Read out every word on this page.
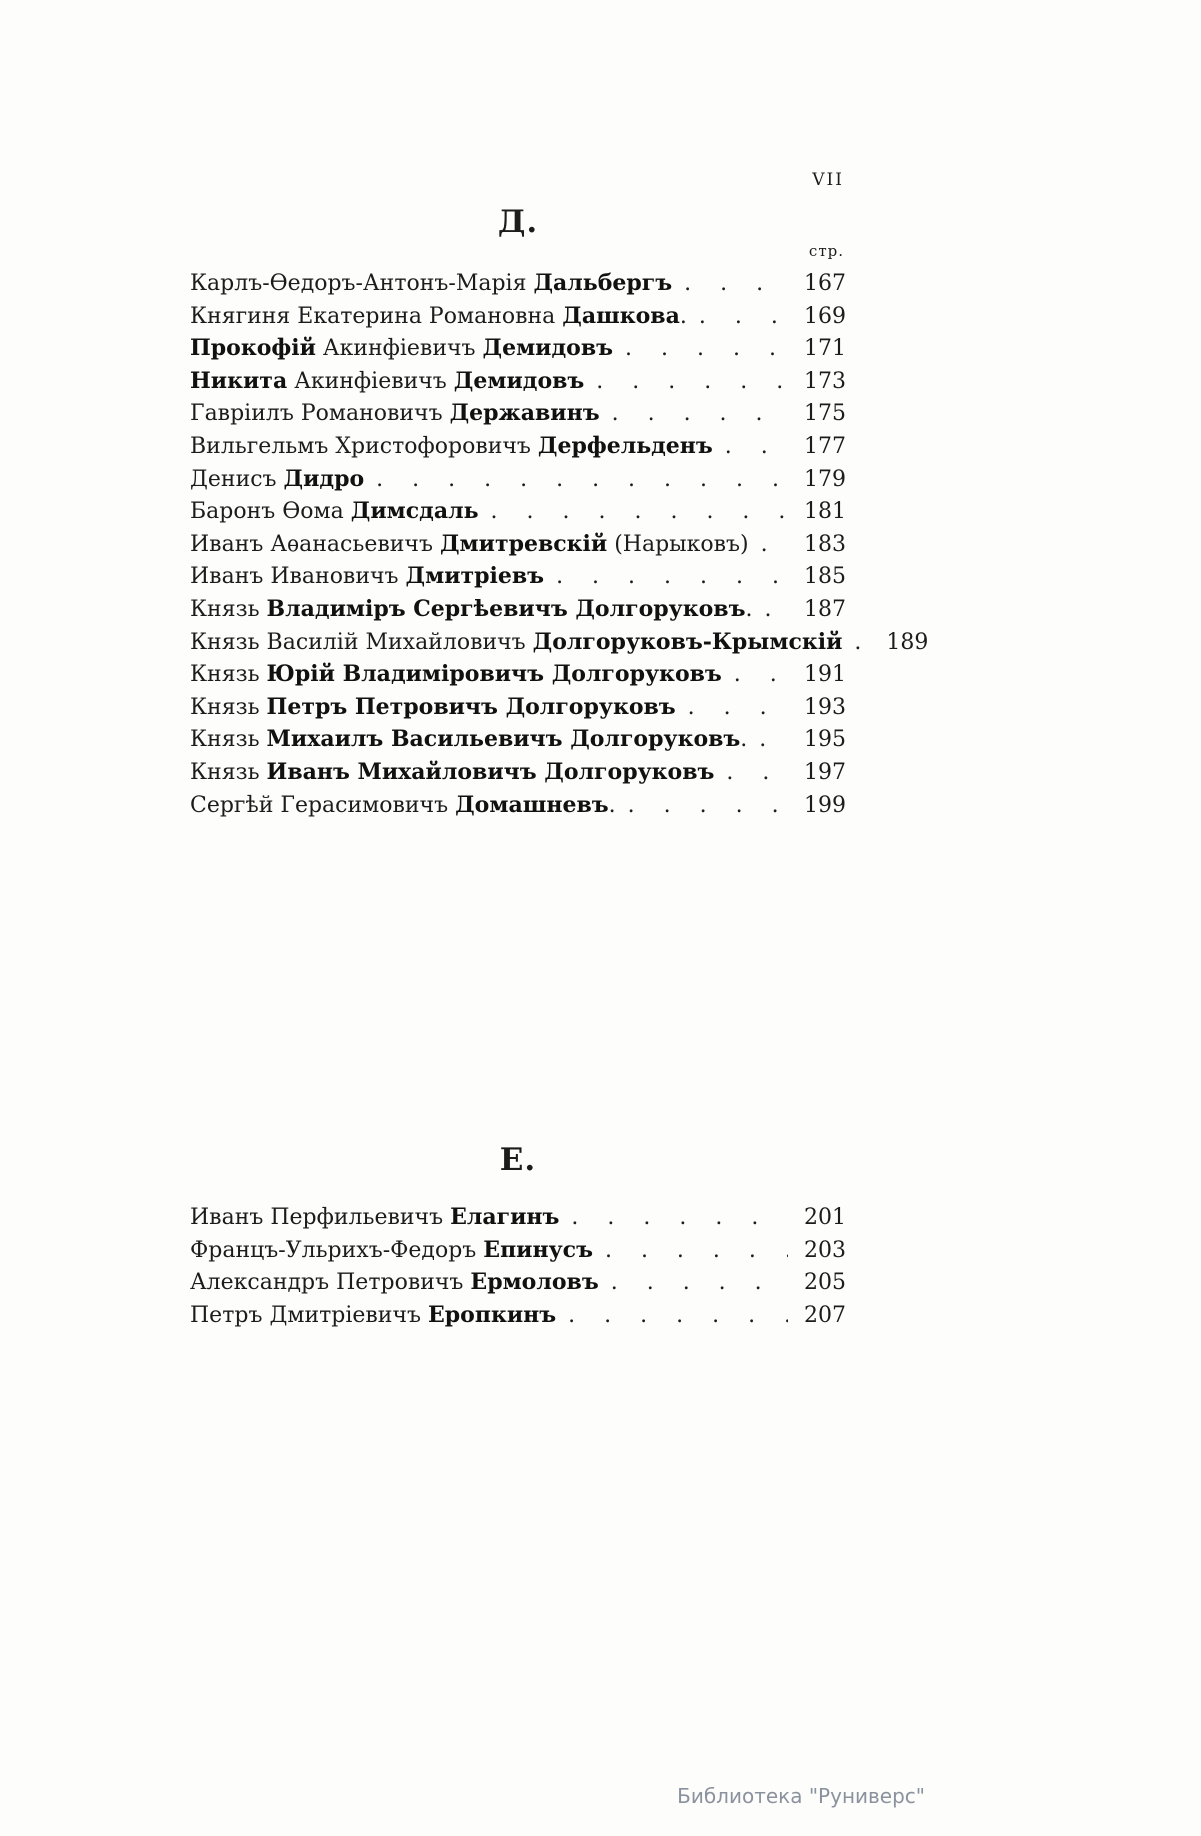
VII
Д.
стр.
Карлъ-Ѳедоръ-Антонъ-Марія Дальбергъ . . .	167
Княгиня Екатерина Романовна Дашкова. . . .	169
Прокофій Акинфіевичъ Демидовъ . . .	171
Никита Акинфіевичъ Демидовъ . . .	173
Гавріилъ Романовичъ Державинъ . . .	175
Вильгельмъ Христофоровичъ Дерфельденъ . . .	177
Денисъ Дидро . . .	179
Баронъ Ѳома Димсдаль . . .	181
Иванъ Аѳанасьевичъ Дмитревскій (Нарыковъ) . . .	183
Иванъ Ивановичъ Дмитріевъ . . .	185
Князь Владиміръ Сергѣевичъ Долгоруковъ. . . .	187
Князь Василій Михайловичъ Долгоруковъ-Крымскій . . .	189
Князь Юрій Владиміровичъ Долгоруковъ . . .	191
Князь Петръ Петровичъ Долгоруковъ . . .	193
Князь Михаилъ Васильевичъ Долгоруковъ. . . .	195
Князь Иванъ Михайловичъ Долгоруковъ . . .	197
Сергѣй Герасимовичъ Домашневъ. . . .	199
Е.
Иванъ Перфильевичъ Елагинъ . . .	201
Францъ-Ульрихъ-Федоръ Епинусъ . . .	203
Александръ Петровичъ Ермоловъ . . .	205
Петръ Дмитріевичъ Еропкинъ . . .	207
Библиотека "Руниверс"
